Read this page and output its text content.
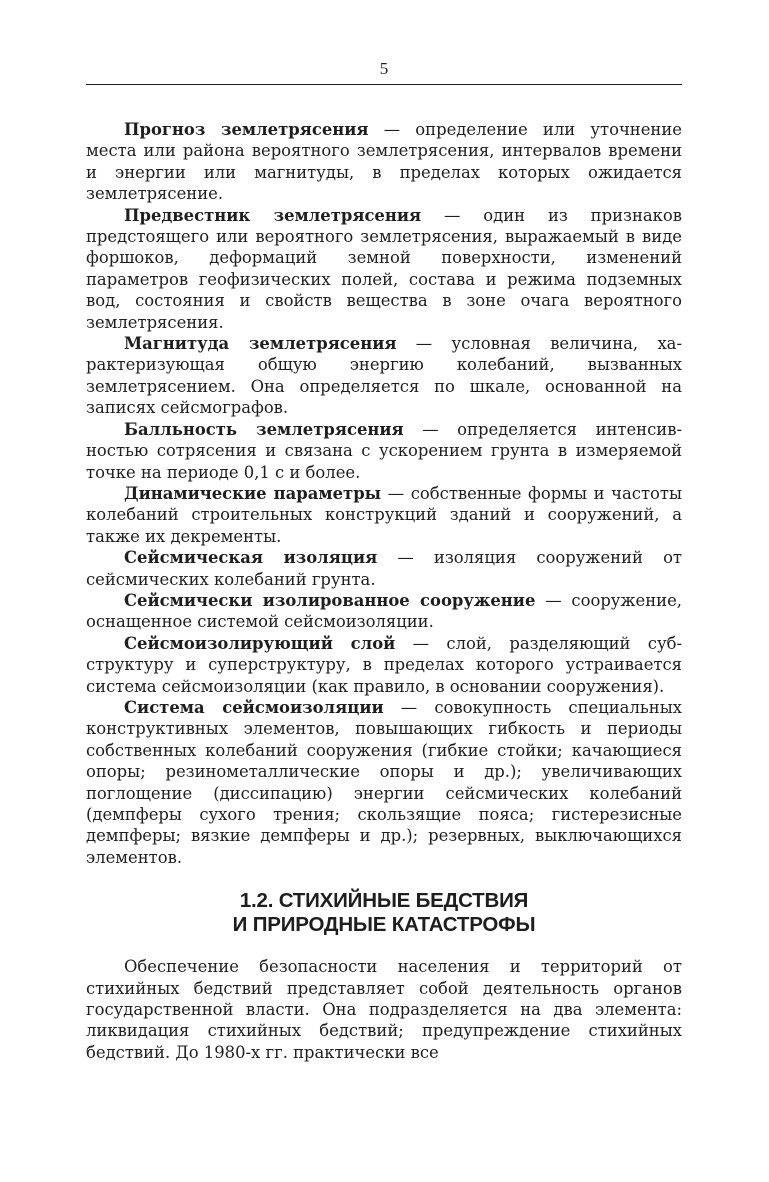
5

Прогноз землетрясения — определение или уточнение места или района вероятного землетрясения, интервалов времени и энергии или магнитуды, в пределах которых ожидается землетрясение.

Предвестник землетрясения — один из признаков предстоящего или вероятного землетрясения, выражаемый в виде форшоков, деформаций земной поверхности, изменений параметров геофизических полей, состава и режима подземных вод, состояния и свойств вещества в зоне очага вероятного землетрясения.

Магнитуда землетрясения — условная величина, характеризующая общую энергию колебаний, вызванных землетрясением. Она определяется по шкале, основанной на записях сейсмографов.

Балльность землетрясения — определяется интенсивностью сотрясения и связана с ускорением грунта в измеряемой точке на периоде 0,1 с и более.

Динамические параметры — собственные формы и частоты колебаний строительных конструкций зданий и сооружений, а также их декременты.

Сейсмическая изоляция — изоляция сооружений от сейсмических колебаний грунта.

Сейсмически изолированное сооружение — сооружение, оснащенное системой сейсмоизоляции.

Сейсмоизолирующий слой — слой, разделяющий субструктуру и суперструктуру, в пределах которого устраивается система сейсмоизоляции (как правило, в основании сооружения).

Система сейсмоизоляции — совокупность специальных конструктивных элементов, повышающих гибкость и периоды собственных колебаний сооружения (гибкие стойки; качающиеся опоры; резинометаллические опоры и др.); увеличивающих поглощение (диссипацию) энергии сейсмических колебаний (демпферы сухого трения; скользящие пояса; гистерезисные демпферы; вязкие демпферы и др.); резервных, выключающихся элементов.

1.2. СТИХИЙНЫЕ БЕДСТВИЯ
И ПРИРОДНЫЕ КАТАСТРОФЫ

Обеспечение безопасности населения и территорий от стихийных бедствий представляет собой деятельность органов государственной власти. Она подразделяется на два элемента: ликвидация стихийных бедствий; предупреждение стихийных бедствий. До 1980-х гг. практически все
